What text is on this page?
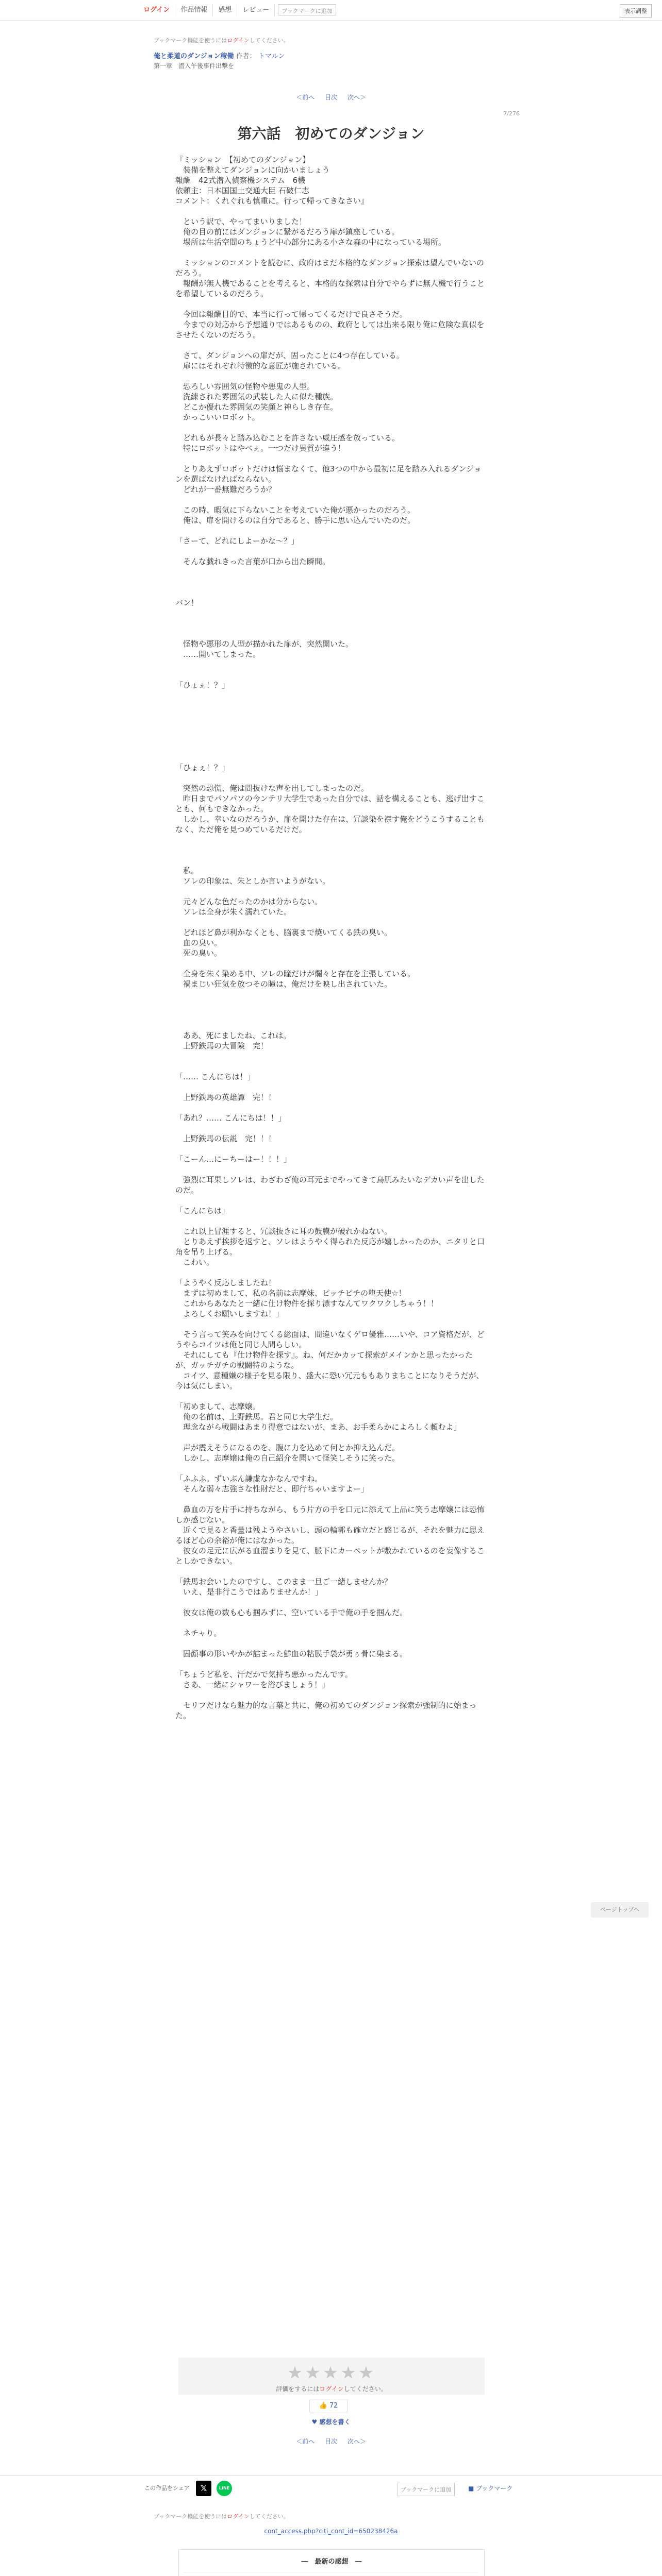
ログイン	作品情報	感想	レビュー	ブックマークに追加	表示調整
ブックマーク機能を使うにはログインしてください。
俺と柔道のダンジョン稼働 作者： トマルン
第一章　潜入午後事件出撃を
＜前へ 目次 次へ＞
7/276
第六話　初めてのダンジョン

『ミッション　【初めてのダンジョン】

　装備を整えてダンジョンに向かいましょう

報酬　42式潜入偵察機システム　6機

依頼主：日本国国土交通大臣 石破仁志

コメント：くれぐれも慎重に。行って帰ってきなさい』

　という訳で、やってまいりました！

　俺の目の前にはダンジョンに繋がるだろう扉が鎮座している。

　場所は生活空間のちょうど中心部分にある小さな森の中になっている場所。

　ミッションのコメントを読むに、政府はまだ本格的なダンジョン探索は望んでいないのだろう。

　報酬が無人機であることを考えると、本格的な探索は自分でやらずに無人機で行うことを希望しているのだろう。

　今回は報酬目的で、本当に行って帰ってくるだけで良さそうだ。

　今までの対応から予想通りではあるものの、政府としては出来る限り俺に危険な真似をさせたくないのだろう。

　さて、ダンジョンへの扉だが、固ったことに4つ存在している。

　扉にはそれぞれ特徴的な意匠が施されている。

　恐ろしい雰囲気の怪物や悪鬼の人型。

　洗練された雰囲気の武装した人に似た種族。

　どこか優れた雰囲気の笑顔と神らしき存在。

　かっこいいロボット。

　どれもが長々と踏み込むことを許さない威圧感を放っている。

　特にロボットはやべぇ。一つだけ異質が違う！

　とりあえずロボットだけは悩まなくて、他3つの中から最初に足を踏み入れるダンジョンを選ばなければならない。

　どれが一番無難だろうか？

　この時、暇気に下らないことを考えていた俺が悪かったのだろう。

　俺は、扉を開けるのは自分であると、勝手に思い込んでいたのだ。

「さーて、どれにしよーかな～？」

　そんな戯れきった言葉が口から出た瞬間。

バン！

　怪物や悪形の人型が描かれた扉が、突然開いた。

　……開いてしまった。

「ひょぇ！？」

「ひょぇ！？」

　突然の恐慌、俺は間抜けな声を出してしまったのだ。

　昨日までパソパソの今ンテリ大学生であった自分では、話を構えることも、逃げ出すことも、何もできなかった。

　しかし、幸いなのだろうか、扉を開けた存在は、冗談染を襟す俺をどうこうすることもなく、ただ俺を見つめているだけだ。

　私。

　ソレの印象は、朱としか言いようがない。

　元々どんな色だったのかは分からない。

　ソレは全身が朱く濡れていた。

　どれほど鼻が利かなくとも、脳裏まで焼いてくる鉄の臭い。

　血の臭い。

　死の臭い。

　全身を朱く染める中、ソレの瞳だけが爛々と存在を主張している。

　禍まじい狂気を放つその瞳は、俺だけを映し出されていた。

　ああ、死にましたね、これは。

　上野鉄馬の大冒険　完！

「…… こんにちは！」

　上野鉄馬の英雄譚　完！！

「あれ？…… こんにちは！！」

　上野鉄馬の伝説　完！！！

「こーん…にーちーはー！！！」

　強烈に耳果しソレは、わざわざ俺の耳元までやってきて鳥肌みたいなデカい声を出したのだ。

「こんにちは」

　これ以上冒涯すると、冗談抜きに耳の鼓膜が破れかねない。

　とりあえず挨拶を返すと、ソレはようやく得られた反応が嬉しかったのか、ニタリと口角を吊り上げる。

　こわい。

「ようやく反応しましたね！

　まずは初めまして、私の名前は志摩妹、ピッチピチの堕天使☆！

　これからあなたと一緒に仕け物件を探り漂すなんてワクワクしちゃう！！

　よろしくお願いしますね！」

　そう言って笑みを向けてくる総面は、間違いなくゲロ優雅……いや、コア資格だが、どうやらコイツは俺と同じ人間らしい。

　それにしても『仕け物件を探す』。ね、何だかカッて探索がメインかと思ったかったが、ガッチガチの戦闘特のような。

　コイツ、意種嫌の様子を見る限り、盛大に恐い冗元ももありまちことになりそうだが、今は気にしまい。

「初めまして、志摩嬢。

　俺の名前は、上野鉄馬。君と同じ大学生だ。

　理念ながら戦闘はあまり得意ではないが、まあ、お手柔らかによろしく頼むよ」

　声が震えそうになるのを、腹に力を込めて何とか抑え込んだ。

　しかし、志摩嬢は俺の自己紹介を聞いて怪笑しそうに笑った。

「ふふふ。ずいぶん謙虚なかなんですね。

　そんな弱々志強さな性財だと、即行ちゃいますよー」

　鼻血の万を片手に持ちながら、もう片方の手を口元に添えて上品に笑う志摩嬢には恐怖しか感じない。

　近くで見ると香量は残ようやさいし、頭の輪郭も確立だと感じるが、それを魅力に思えるほど心の余裕が俺にはなかった。

　彼女の足元に広がる血溜まりを見て、脈下にカーペットが敷かれているのを妄像することしかできない。

「鉄馬お会いしたのですし、このまま一旦ご一緒しませんか？

　いえ、是非行こうではありませんか！」

　彼女は俺の数も心も掴みずに、空いている手で俺の手を掴んだ。

　ネチャり。

　固顔事の形いやかが詰まった鮮血の粘膜手袋が勇ぅ骨に染まる。

「ちょうど私を、汗だかで気持ち悪かったんです。

　さあ、一緒にシャワーを浴びましょう！」

　セリフだけなら魅力的な言葉と共に、俺の初めてのダンジョン探索が強制的に始まった。

ページトップへ
★★★★★
評価をするにはログインしてください。
👍 72
♥ 感想を書く
＜前へ 目次 次へ＞
この作品をシェア	𝕏	LINE	ブックマークに追加	■ ブックマーク
ブックマーク機能を使うにはログインしてください。
cont_access.php?citi_cont_id=650238426a
―　最新の感想　―
